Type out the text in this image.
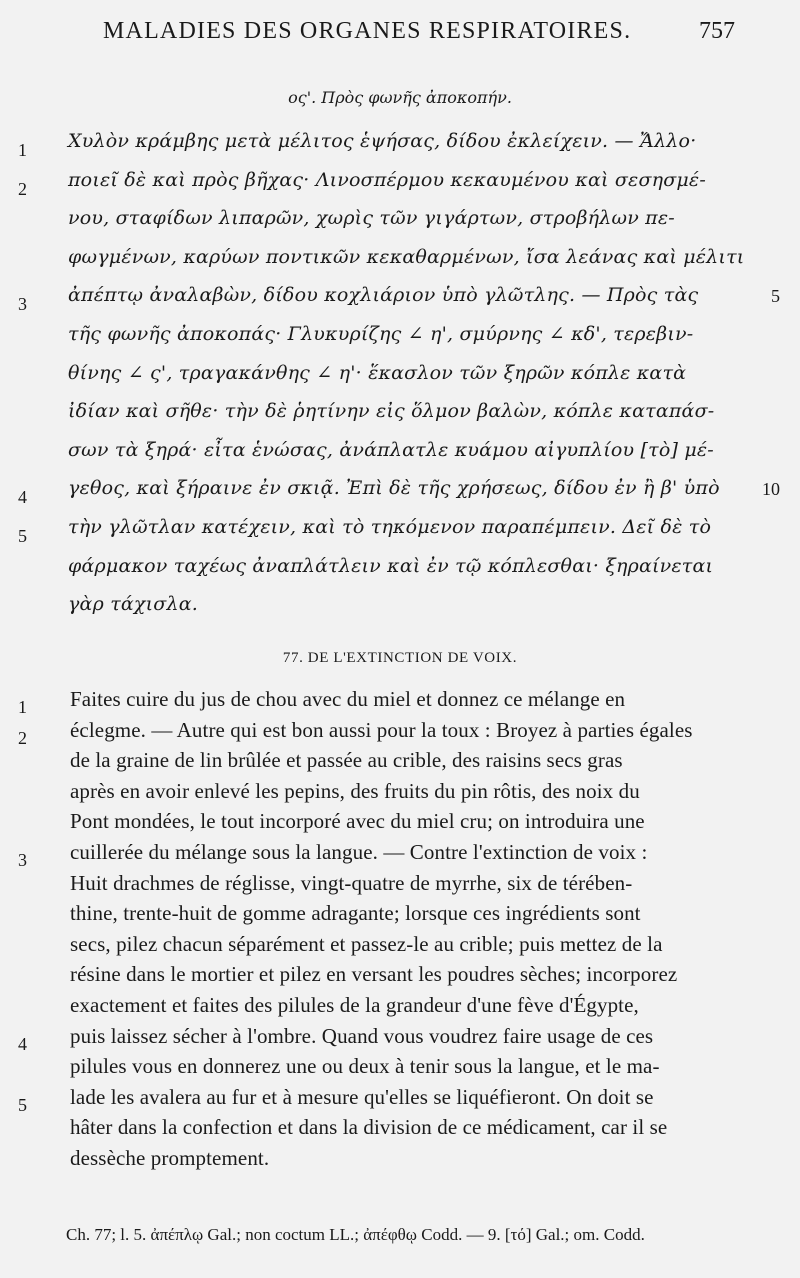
MALADIES DES ORGANES RESPIRATOIRES.	757
ος'. Πρὸς φωνῆς ἀποκοπήν.
1 Χυλὸν κράμβης μετὰ μέλιτος ἑψήσας, δίδου ἐκλείχειν. — Ἄλλο·
2 ποιεῖ δὲ καὶ πρὸς βῆχας· Λινοσπέρμου κεκαυμένου καὶ σεσησμέ-
νου, σταφίδων λιπαρῶν, χωρὶς τῶν γιγάρτων, στροβήλων πε-
φωγμένων, καρύων ποντικῶν κεκαθαρμένων, ἴσα λεάνας καὶ μέλιτι
3 ἀπέπτῳ ἀναλαβὼν, δίδου κοχλιάριον ὑπὸ γλῶτλης. — Πρὸς τὰς	5
τῆς φωνῆς ἀποκοπάς· Γλυκυρίζης ∠ η', σμύρνης ∠ κδ', τερεβιν-
θίνης ∠ ς', τραγακάνθης ∠ η'· ἕκασλον τῶν ξηρῶν κόπλε κατὰ
ἰδίαν καὶ σῆθε· τὴν δὲ ῥητίνην εἰς ὅλμον βαλὼν, κόπλε καταπάσ-
σων τὰ ξηρά· εἶτα ἑνώσας, ἀνάπλατλε κυάμου αἰγυπλίου [τὸ] μέ-
4 γεθος, καὶ ξήραινε ἐν σκιᾷ. Ἐπὶ δὲ τῆς χρήσεως, δίδου ἐν ἢ β' ὑπὸ	10
5 τὴν γλῶτλαν κατέχειν, καὶ τὸ τηκόμενον παραπέμπειν. Δεῖ δὲ τὸ
φάρμακον ταχέως ἀναπλάτλειν καὶ ἐν τῷ κόπλεσθαι· ξηραίνεται
γὰρ τάχισλα.
77. DE L'EXTINCTION DE VOIX.
1 Faites cuire du jus de chou avec du miel et donnez ce mélange en
2 éclegme. — Autre qui est bon aussi pour la toux : Broyez à parties égales
de la graine de lin brûlée et passée au crible, des raisins secs gras
après en avoir enlevé les pepins, des fruits du pin rôtis, des noix du
Pont mondées, le tout incorporé avec du miel cru; on introduira une
3 cuillerée du mélange sous la langue. — Contre l'extinction de voix :
Huit drachmes de réglisse, vingt-quatre de myrrhe, six de térében-
thine, trente-huit de gomme adragante; lorsque ces ingrédients sont
secs, pilez chacun séparément et passez-le au crible; puis mettez de la
résine dans le mortier et pilez en versant les poudres sèches; incorporez
exactement et faites des pilules de la grandeur d'une fève d'Égypte,
4 puis laissez sécher à l'ombre. Quand vous voudrez faire usage de ces
pilules vous en donnerez une ou deux à tenir sous la langue, et le ma-
5 lade les avalera au fur et à mesure qu'elles se liquéfieront. On doit se
hâter dans la confection et dans la division de ce médicament, car il se
dessèche promptement.
Ch. 77; l. 5. ἀπέπλῳ Gal.; non coctum LL.; ἀπέφθῳ Codd. — 9. [τό] Gal.; om. Codd.
